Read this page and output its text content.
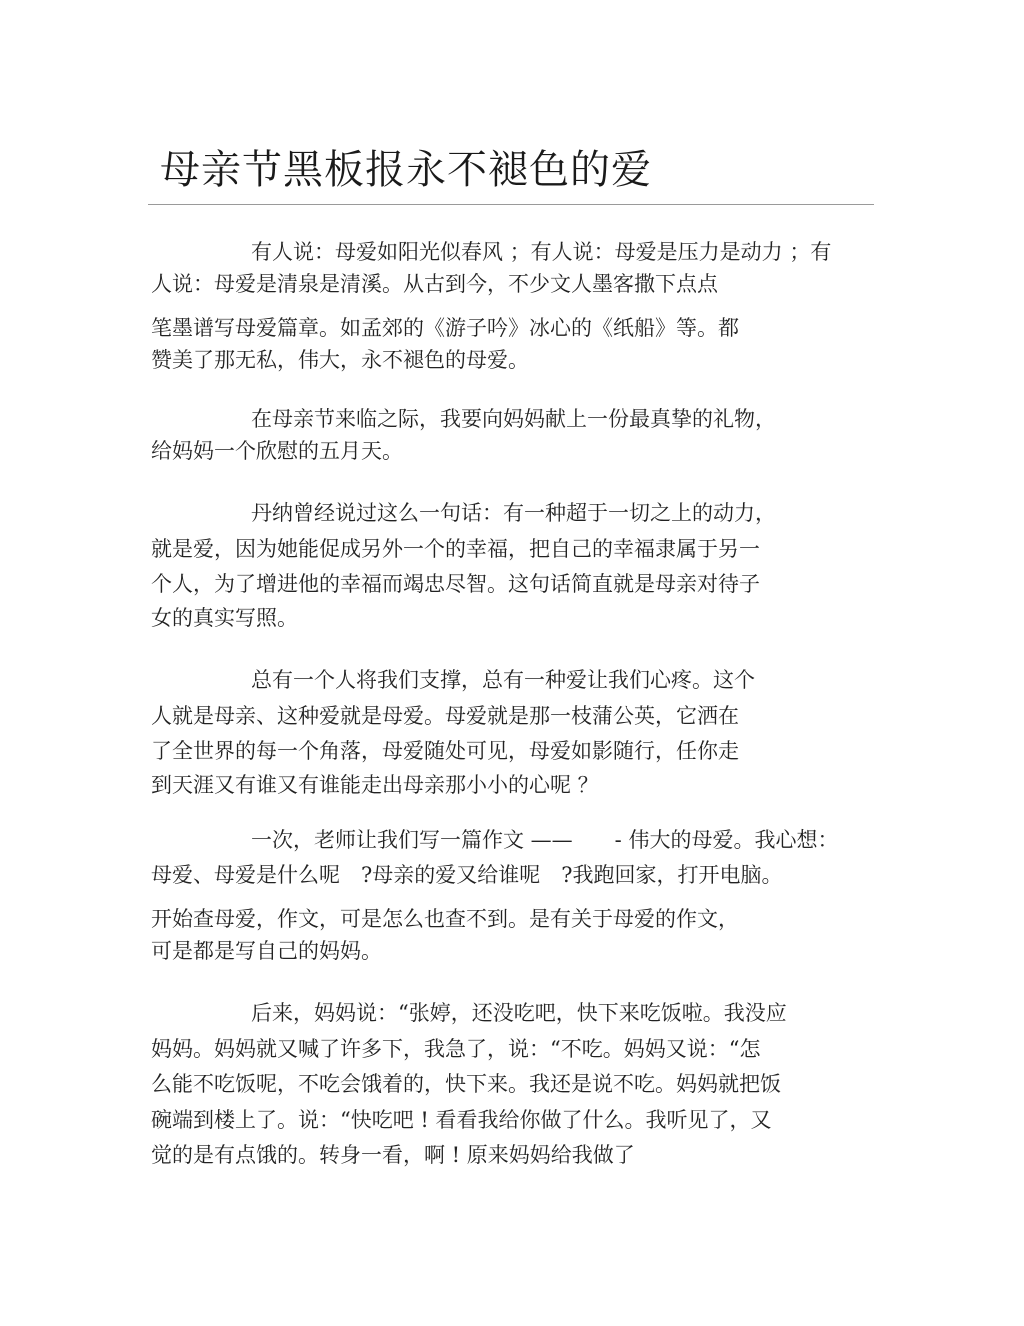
母亲节黑板报永不褪色的爱

有人说：母爱如阳光似春风 ；有人说：母爱是压力是动力 ；有

人说：母爱是清泉是清溪。从古到今，不少文人墨客撒下点点

笔墨谱写母爱篇章。如孟郊的《游子吟》冰心的《纸船》等。都

赞美了那无私，伟大，永不褪色的母爱。

在母亲节来临之际，我要向妈妈献上一份最真挚的礼物，

给妈妈一个欣慰的五月天。

丹纳曾经说过这么一句话：有一种超于一切之上的动力，

就是爱，因为她能促成另外一个的幸福，把自己的幸福隶属于另一

个人，为了增进他的幸福而竭忠尽智。这句话简直就是母亲对待子

女的真实写照。

总有一个人将我们支撑，总有一种爱让我们心疼。这个

人就是母亲、这种爱就是母爱。母爱就是那一枝蒲公英，它洒在

了全世界的每一个角落，母爱随处可见，母爱如影随行，任你走

到天涯又有谁又有谁能走出母亲那小小的心呢 ？

一次，老师让我们写一篇作文 ——　　- 伟大的母爱。我心想：

母爱、母爱是什么呢　?母亲的爱又给谁呢　?我跑回家，打开电脑。

开始查母爱，作文，可是怎么也查不到。是有关于母爱的作文，

可是都是写自己的妈妈。

后来，妈妈说：“张婷，还没吃吧，快下来吃饭啦。我没应

妈妈。妈妈就又喊了许多下，我急了，说：“不吃。妈妈又说：“怎

么能不吃饭呢，不吃会饿着的，快下来。我还是说不吃。妈妈就把饭

碗端到楼上了。说：“快吃吧 ! 看看我给你做了什么。我听见了，又

觉的是有点饿的。转身一看，啊 ! 原来妈妈给我做了
